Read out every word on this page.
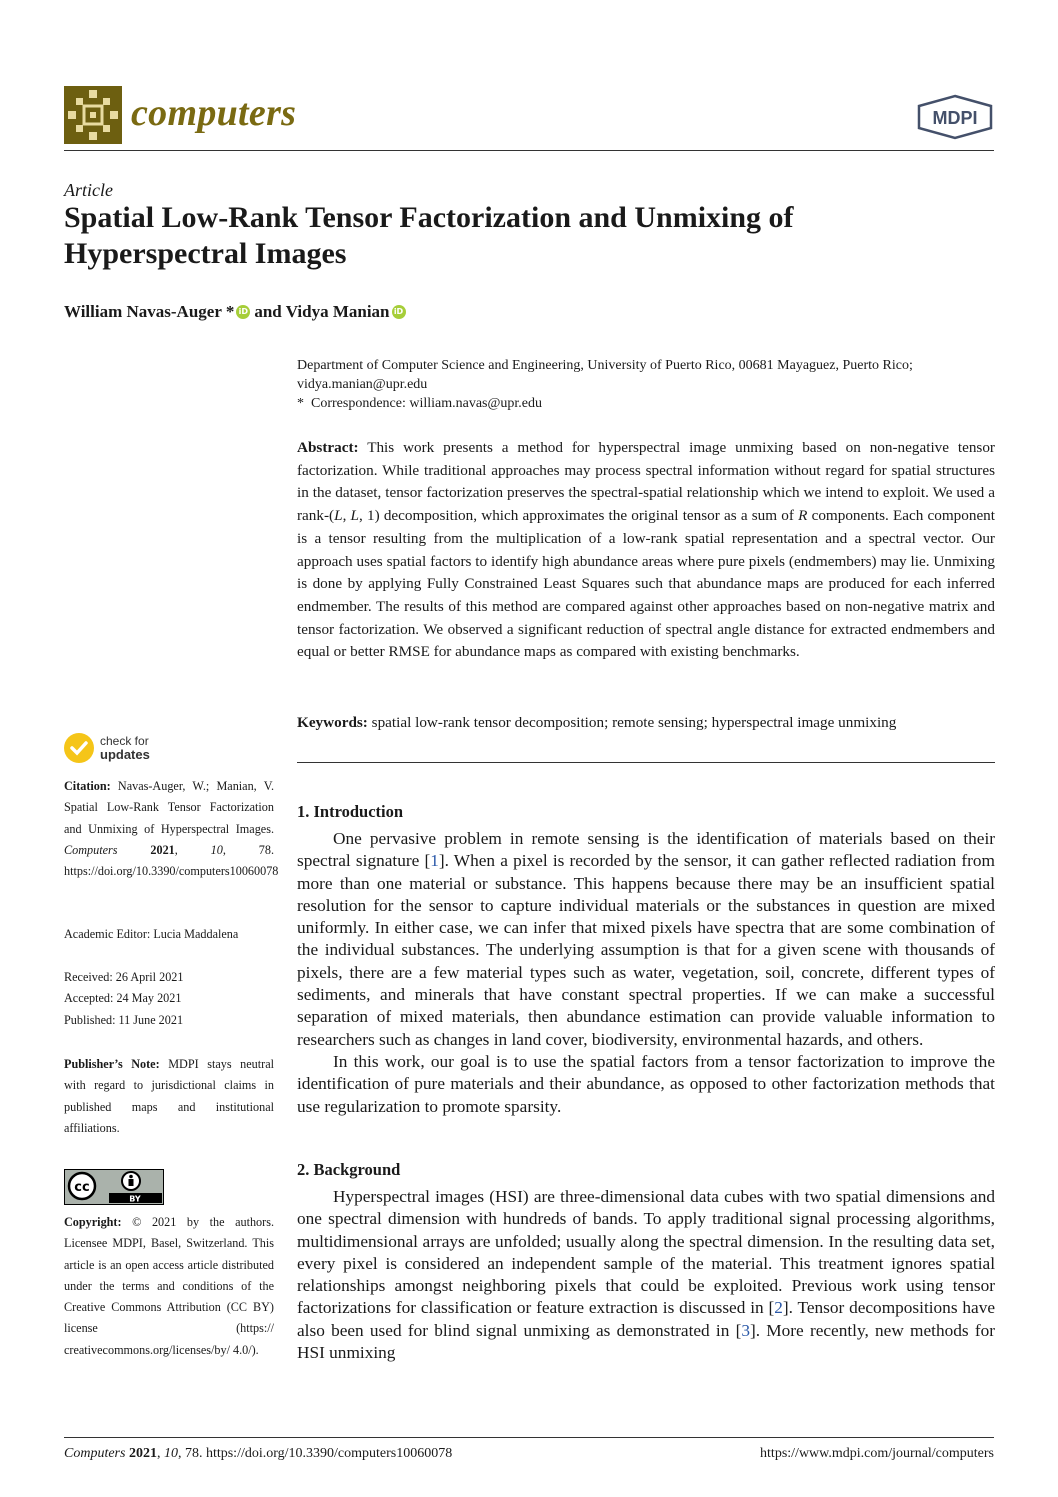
computers	MDPI
Article
Spatial Low-Rank Tensor Factorization and Unmixing of Hyperspectral Images
William Navas-Auger * iD and Vidya Manian iD
Department of Computer Science and Engineering, University of Puerto Rico, 00681 Mayaguez, Puerto Rico;
vidya.manian@upr.edu
* Correspondence: william.navas@upr.edu
Abstract: This work presents a method for hyperspectral image unmixing based on non-negative tensor factorization. While traditional approaches may process spectral information without regard for spatial structures in the dataset, tensor factorization preserves the spectral-spatial relationship which we intend to exploit. We used a rank-(L, L, 1) decomposition, which approximates the original tensor as a sum of R components. Each component is a tensor resulting from the multiplication of a low-rank spatial representation and a spectral vector. Our approach uses spatial factors to identify high abundance areas where pure pixels (endmembers) may lie. Unmixing is done by applying Fully Constrained Least Squares such that abundance maps are produced for each inferred endmember. The results of this method are compared against other approaches based on non-negative matrix and tensor factorization. We observed a significant reduction of spectral angle distance for extracted endmembers and equal or better RMSE for abundance maps as compared with existing benchmarks.
Keywords: spatial low-rank tensor decomposition; remote sensing; hyperspectral image unmixing
check for
updates
Citation: Navas-Auger, W.; Manian, V. Spatial Low-Rank Tensor Factorization and Unmixing of Hyperspectral Images. Computers	2021, 10, 78. https://doi.org/10.3390/computers10060078
Academic Editor: Lucia Maddalena
Received: 26 April 2021
Accepted: 24 May 2021
Published: 11 June 2021
Publisher’s Note: MDPI stays neutral with regard to jurisdictional claims in published maps and institutional affiliations.
cc
BY
Copyright: © 2021 by the authors. Licensee MDPI, Basel, Switzerland. This article is an open access article distributed under the terms and conditions of the Creative Commons Attribution (CC BY) license (https:// creativecommons.org/licenses/by/ 4.0/).
1. Introduction

One pervasive problem in remote sensing is the identification of materials based on their spectral signature [1]. When a pixel is recorded by the sensor, it can gather reflected radiation from more than one material or substance. This happens because there may be an insufficient spatial resolution for the sensor to capture individual materials or the substances in question are mixed uniformly. In either case, we can infer that mixed pixels have spectra that are some combination of the individual substances. The underlying assumption is that for a given scene with thousands of pixels, there are a few material types such as water, vegetation, soil, concrete, different types of sediments, and minerals that have constant spectral properties. If we can make a successful separation of mixed materials, then abundance estimation can provide valuable information to researchers such as changes in land cover, biodiversity, environmental hazards, and others.

In this work, our goal is to use the spatial factors from a tensor factorization to improve the identification of pure materials and their abundance, as opposed to other factorization methods that use regularization to promote sparsity.

2. Background

Hyperspectral images (HSI) are three-dimensional data cubes with two spatial dimensions and one spectral dimension with hundreds of bands. To apply traditional signal processing algorithms, multidimensional arrays are unfolded; usually along the spectral dimension. In the resulting data set, every pixel is considered an independent sample of the material. This treatment ignores spatial relationships amongst neighboring pixels that could be exploited. Previous work using tensor factorizations for classification or feature extraction is discussed in [2]. Tensor decompositions have also been used for blind signal unmixing as demonstrated in [3]. More recently, new methods for HSI unmixing

Computers 2021, 10, 78. https://doi.org/10.3390/computers10060078	https://www.mdpi.com/journal/computers
